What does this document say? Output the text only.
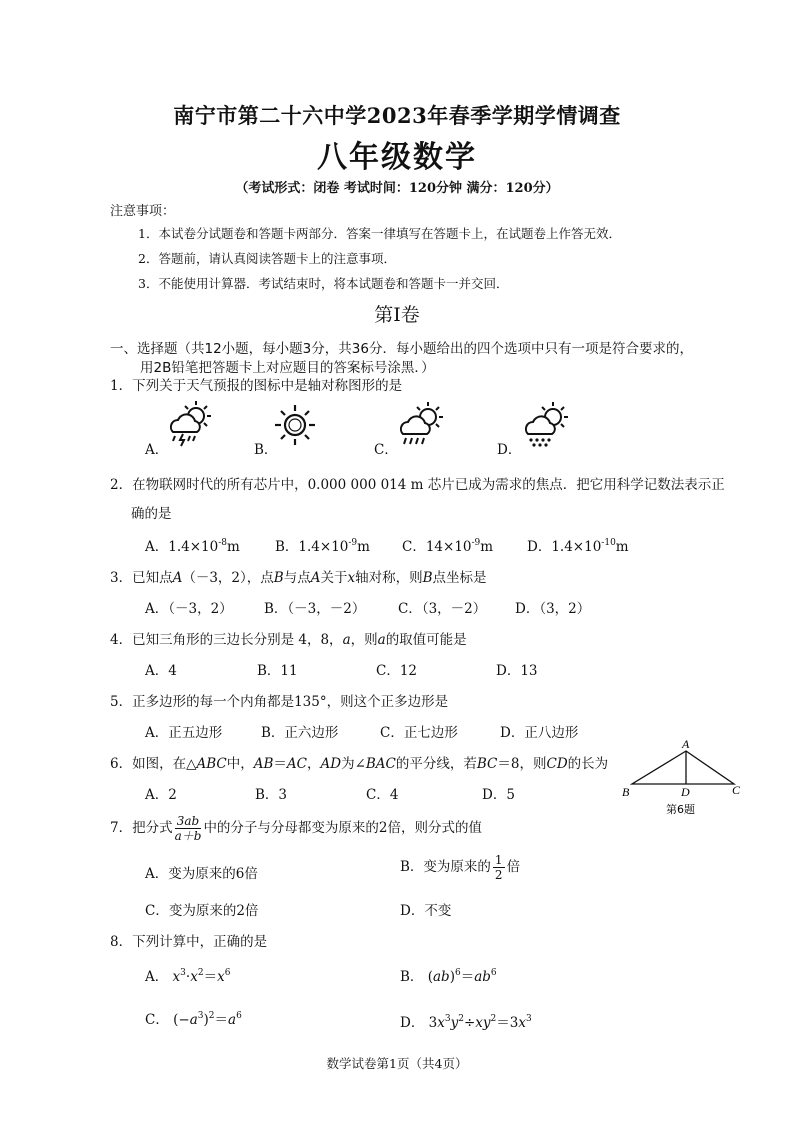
南宁市第二十六中学2023年春季学期学情调查
八年级数学
（考试形式：闭卷 考试时间：120分钟 满分：120分）
注意事项：
1．本试卷分试题卷和答题卡两部分．答案一律填写在答题卡上，在试题卷上作答无效．
2．答题前，请认真阅读答题卡上的注意事项．
3．不能使用计算器．考试结束时，将本试题卷和答题卡一并交回．
第Ⅰ卷
一、选择题（共12小题，每小题3分，共36分．每小题给出的四个选项中只有一项是符合要求的，
用2B铅笔把答题卡上对应题目的答案标号涂黑．）
1．下列关于天气预报的图标中是轴对称图形的是
A．	B．	C．	D．
2．在物联网时代的所有芯片中，0.000 000 014 m 芯片已成为需求的焦点．把它用科学记数法表示正
确的是
A．$1.4\times 10^{-8}m$	B．$1.4\times 10^{-9}m$ C．$14\times 10^{-9}m$	D．$1.4\times 10^{-10}m$
3．已知点A（－3，2），点B与点A关于x轴对称，则B点坐标是
A．（－3，2） B．（－3，－2） C．（3，－2） D．（3，2）
4．已知三角形的三边长分别是 4，8，a，则a的取值可能是
A．4	B．11	C．12	D．13
5．正多边形的每一个内角都是135°，则这个正多边形是
A．正五边形	B．正六边形	C．正七边形	D．正八边形
6．如图，在△ABC中，AB＝AC，AD为∠BAC的平分线，若BC＝8，则CD的长为
A．2	B．3	C．4	D．5
A
B	D	C
第6题
7．把分式 $\frac{3ab}{a+b}$ 中的分子与分母都变为原来的2倍，则分式的值
A．变为原来的6倍	B．变为原来的 $\frac{1}{2}$ 倍
C．变为原来的2倍	D．不变
8．下列计算中，正确的是
A． $x^3\cdot x^2=x^6$	B． $(ab)^6=ab^6$
C． $(-a^3)^2=a^6$	D． $3x^3y^2\div xy^2=3x^3$
数学试卷第1页（共4页）
